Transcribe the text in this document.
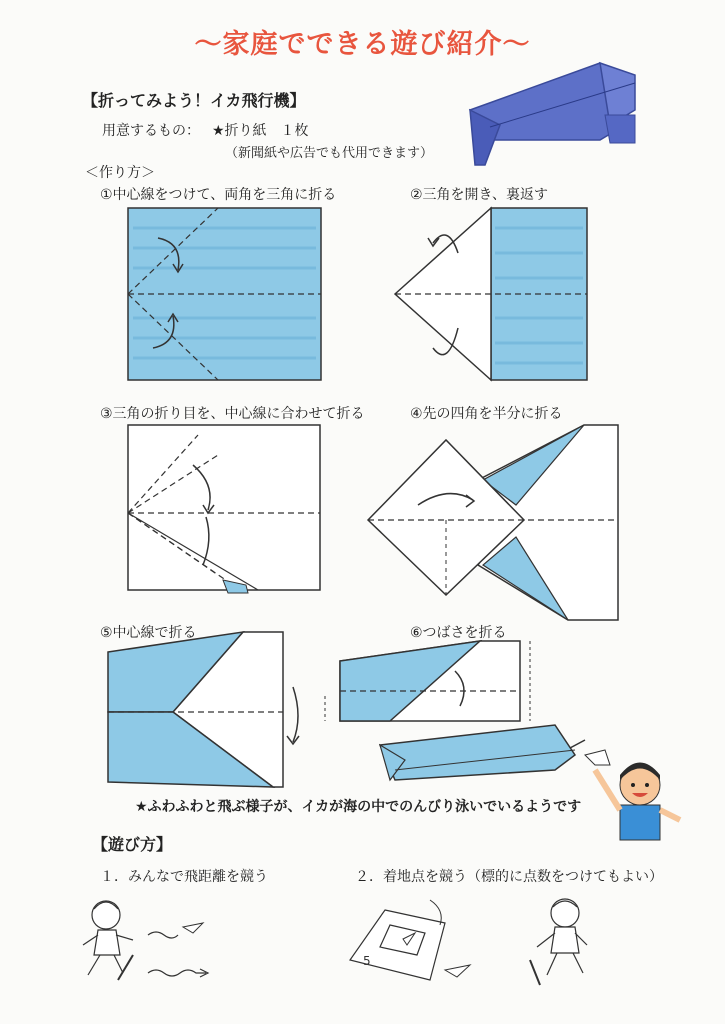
～家庭でできる遊び紹介～
【折ってみよう！イカ飛行機】
用意するもの： ★折り紙　１枚
（新聞紙や広告でも代用できます）
＜作り方＞
①中心線をつけて、両角を三角に折る	②三角を開き、裏返す
③三角の折り目を、中心線に合わせて折る	④先の四角を半分に折る
⑤中心線で折る	⑥つばさを折る
★ふわふわと飛ぶ様子が、イカが海の中でのんびり泳いでいるようです
【遊び方】
１．みんなで飛距離を競う	２．着地点を競う（標的に点数をつけてもよい）
5
